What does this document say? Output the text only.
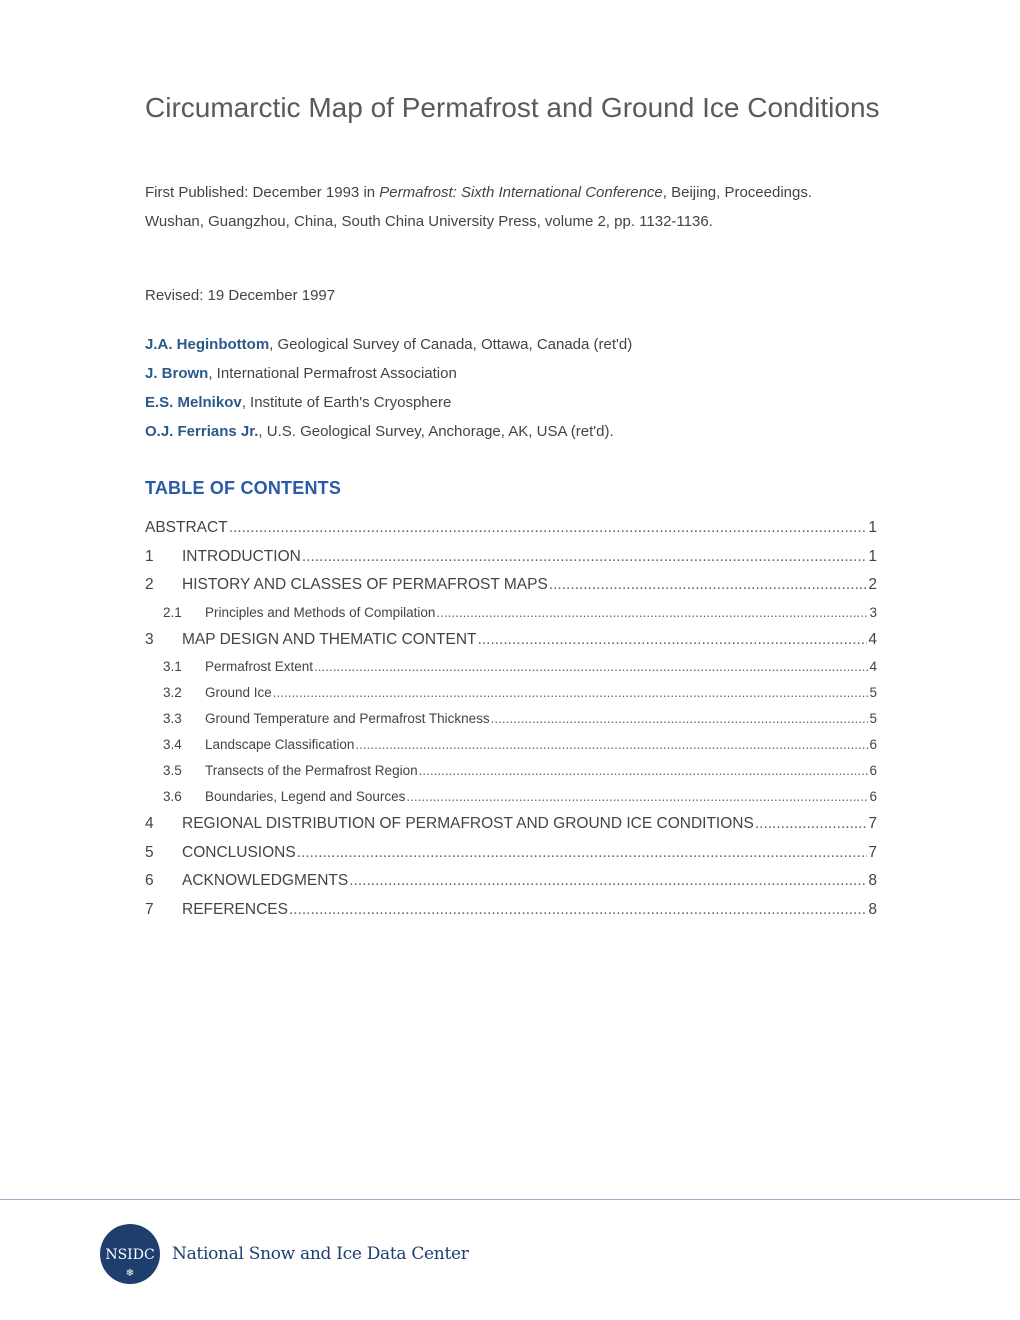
Circumarctic Map of Permafrost and Ground Ice Conditions
First Published: December 1993 in Permafrost: Sixth International Conference, Beijing, Proceedings. Wushan, Guangzhou, China, South China University Press, volume 2, pp. 1132-1136.
Revised: 19 December 1997
J.A. Heginbottom, Geological Survey of Canada, Ottawa, Canada (ret'd)
J. Brown, International Permafrost Association
E.S. Melnikov, Institute of Earth's Cryosphere
O.J. Ferrians Jr., U.S. Geological Survey, Anchorage, AK, USA (ret'd).
TABLE OF CONTENTS
ABSTRACT .....	1
1	INTRODUCTION .....	1
2	HISTORY AND CLASSES OF PERMAFROST MAPS .....	2
2.1	Principles and Methods of Compilation .....	3
3	MAP DESIGN AND THEMATIC CONTENT .....	4
3.1	Permafrost Extent .....	4
3.2	Ground Ice .....	5
3.3	Ground Temperature and Permafrost Thickness .....	5
3.4	Landscape Classification .....	6
3.5	Transects of the Permafrost Region .....	6
3.6	Boundaries, Legend and Sources .....	6
4	REGIONAL DISTRIBUTION OF PERMAFROST AND GROUND ICE CONDITIONS .....	7
5	CONCLUSIONS .....	7
6	ACKNOWLEDGMENTS .....	8
7	REFERENCES .....	8
NSIDC
❄
National Snow and Ice Data Center
